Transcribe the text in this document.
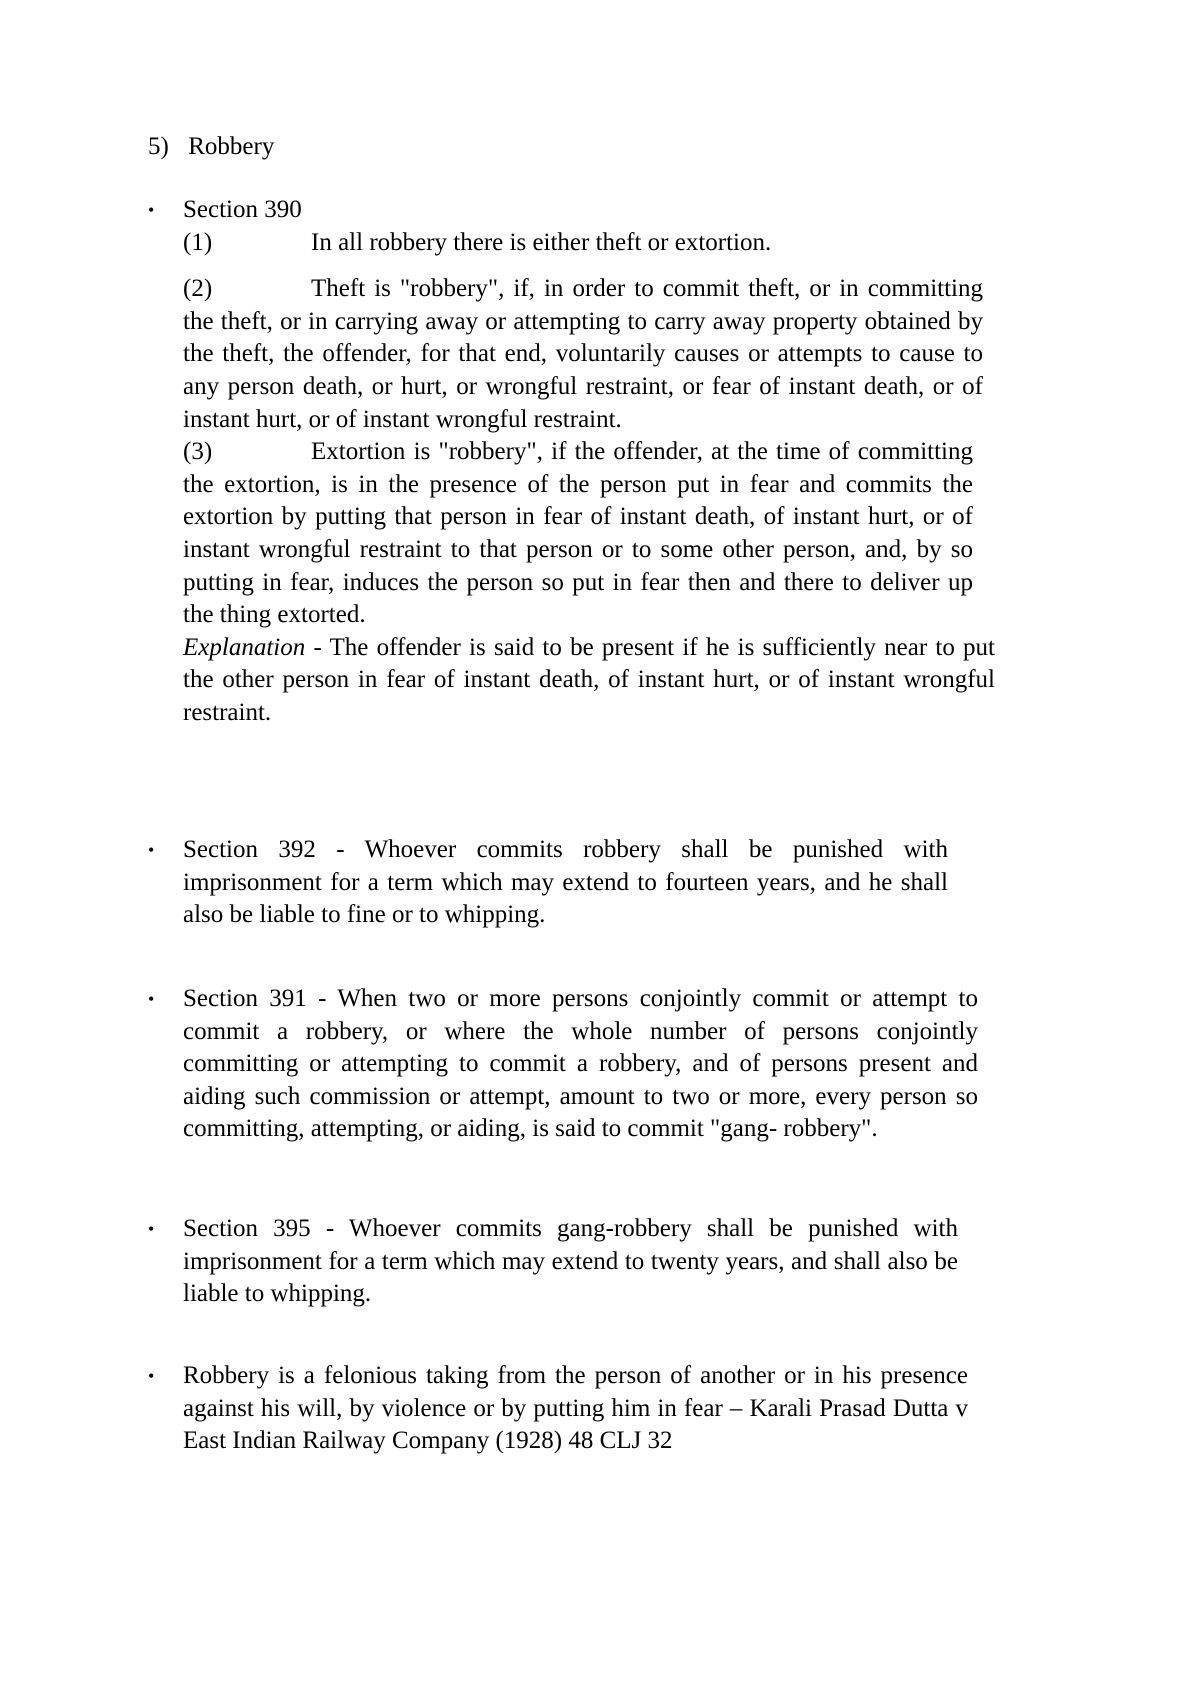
5) Robbery
•	Section 390

(1)	In all robbery there is either theft or extortion.

(2)	Theft is "robbery", if, in order to commit theft, or in committing the theft, or in carrying away or attempting to carry away property obtained by the theft, the offender, for that end, voluntarily causes or attempts to cause to any person death, or hurt, or wrongful restraint, or fear of instant death, or of instant hurt, or of instant wrongful restraint.

(3)	Extortion is "robbery", if the offender, at the time of committing the extortion, is in the presence of the person put in fear and commits the extortion by putting that person in fear of instant death, of instant hurt, or of instant wrongful restraint to that person or to some other person, and, by so putting in fear, induces the person so put in fear then and there to deliver up the thing extorted.

Explanation - The offender is said to be present if he is sufficiently near to put the other person in fear of instant death, of instant hurt, or of instant wrongful restraint.

•	Section 392 - Whoever commits robbery shall be punished with imprisonment for a term which may extend to fourteen years, and he shall also be liable to fine or to whipping.
•	Section 391 - When two or more persons conjointly commit or attempt to commit a robbery, or where the whole number of persons conjointly committing or attempting to commit a robbery, and of persons present and aiding such commission or attempt, amount to two or more, every person so committing, attempting, or aiding, is said to commit "gang- robbery".
•	Section 395 - Whoever commits gang-robbery shall be punished with imprisonment for a term which may extend to twenty years, and shall also be liable to whipping.
•	Robbery is a felonious taking from the person of another or in his presence against his will, by violence or by putting him in fear – Karali Prasad Dutta v East Indian Railway Company (1928) 48 CLJ 32
